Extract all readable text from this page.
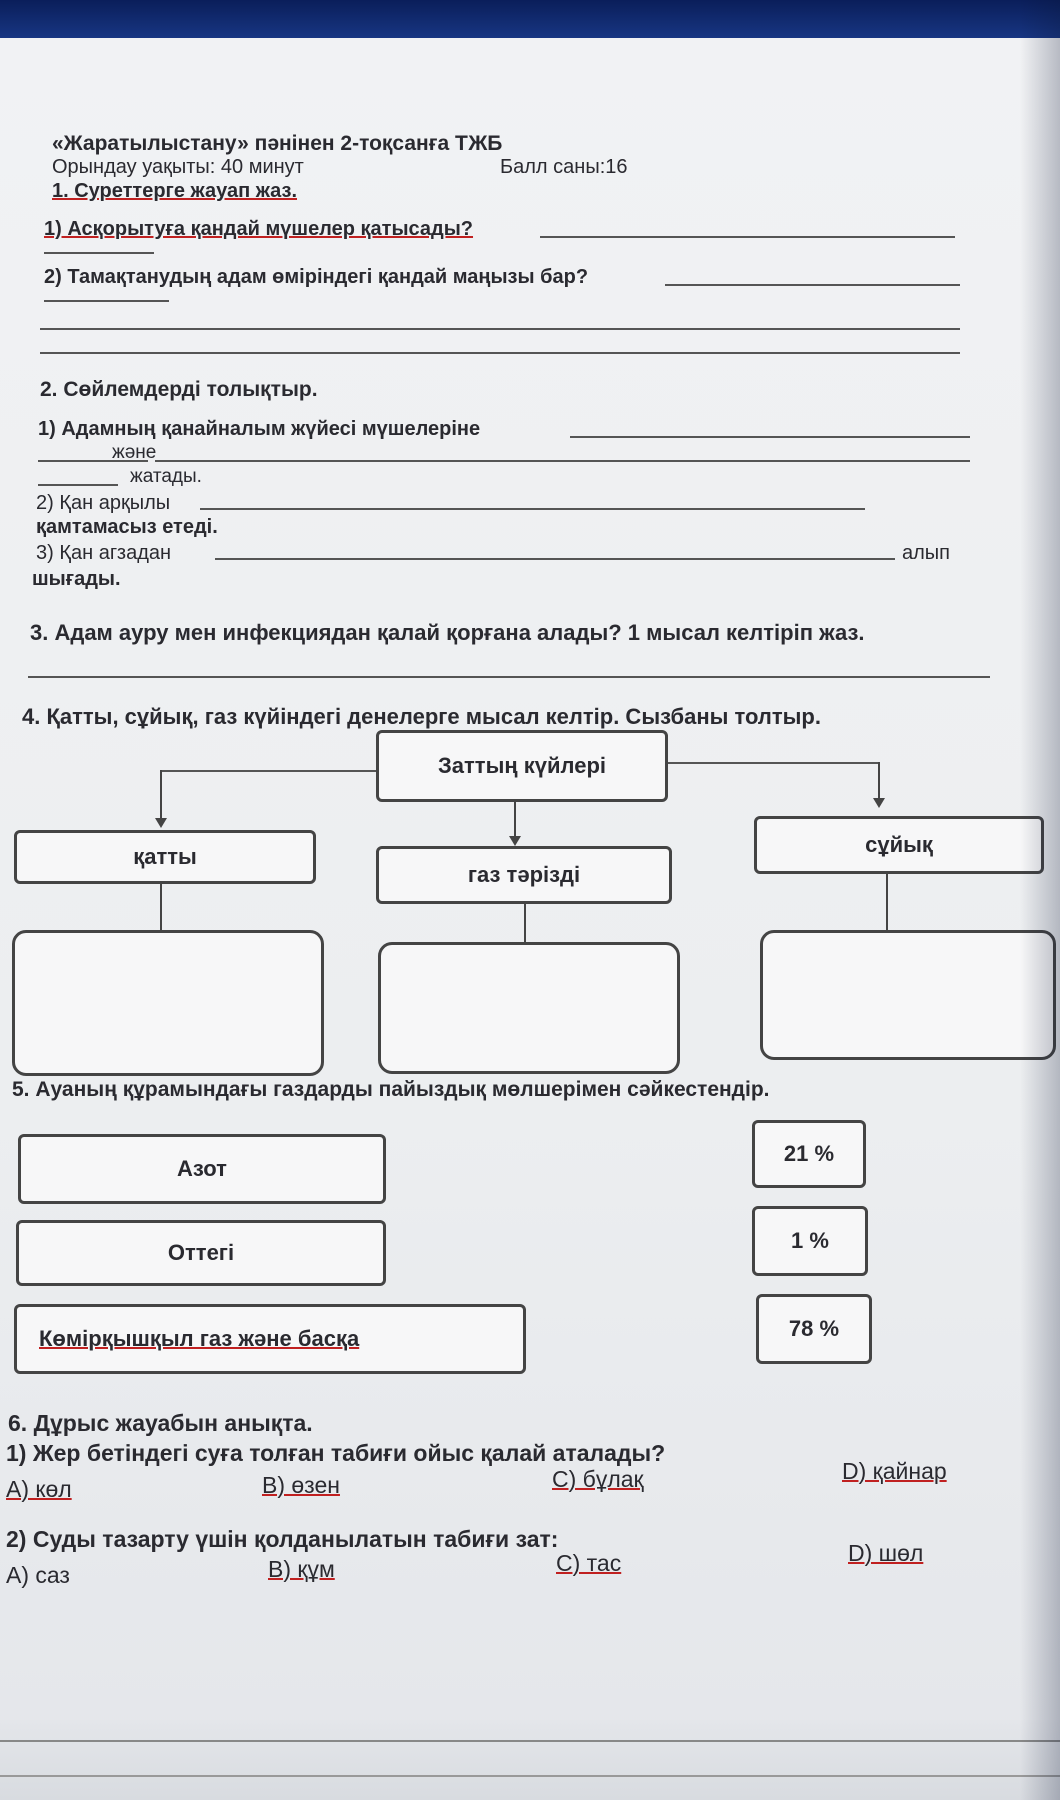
«Жаратылыстану» пәнінен 2-тоқсанға ТЖБ
Орындау уақыты: 40 минут	Балл саны:16
1. Суреттерге жауап жаз.
1) Асқорытуға қандай мүшелер қатысады?
2) Тамақтанудың адам өміріндегі қандай маңызы бар?
2. Сөйлемдерді толықтыр.
1) Адамның қанайналым жүйесі мүшелеріне
және
жатады.
2) Қан арқылы
қамтамасыз етеді.
3) Қан агзадан	алып
шығады.
3. Адам ауру мен инфекциядан қалай қорғана алады? 1 мысал келтіріп жаз.
4. Қатты, сұйық, газ күйіндегі денелерге мысал келтір. Сызбаны толтыр.
Заттың күйлері
қатты
газ тәрізді
сұйық
5. Ауаның құрамындағы газдарды пайыздық мөлшерімен сәйкестендір.
Азот
Оттегі
Көмірқышқыл газ және басқа
21 %
1 %
78 %
6. Дұрыс жауабын анықта.
1) Жер бетіндегі суға толған табиғи ойыс қалай аталады?
А) көл	В) өзен	С) бұлақ	D) қайнар
2) Суды тазарту үшін қолданылатын табиғи зат:
А) саз	В) құм	С) тас	D) шөл
